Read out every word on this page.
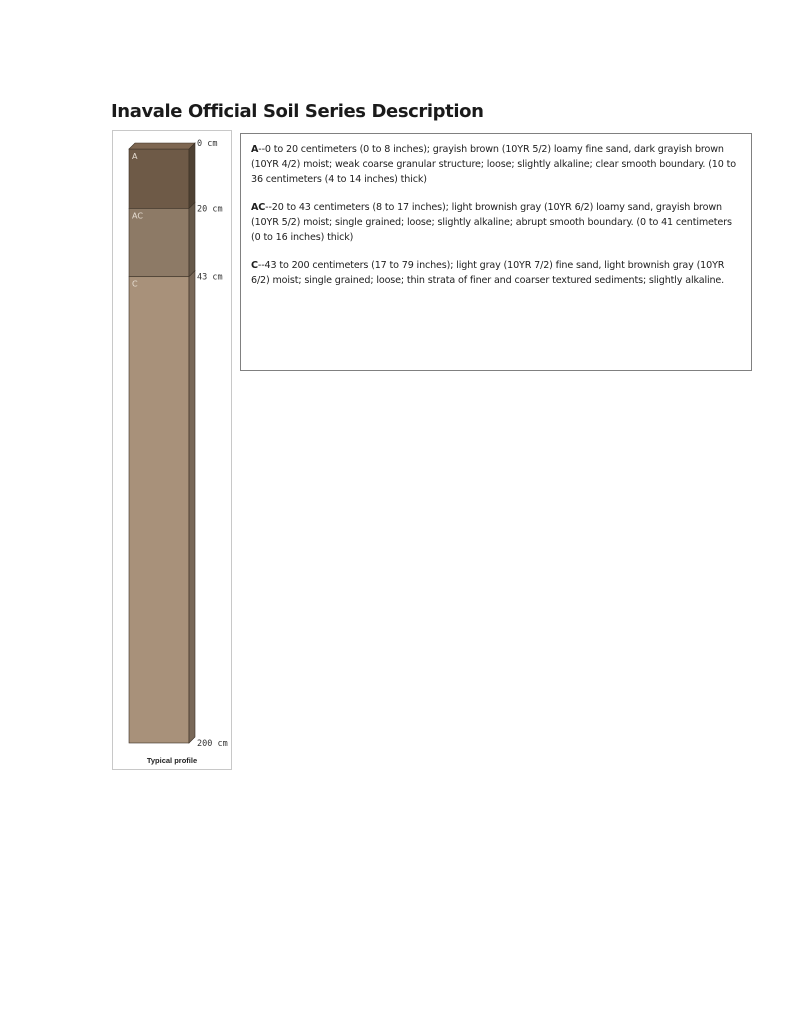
Inavale Official Soil Series Description
A
AC
C
0 cm
20 cm
43 cm
200 cm
Typical profile

A--0 to 20 centimeters (0 to 8 inches); grayish brown (10YR 5/2) loamy fine sand, dark grayish brown (10YR 4/2) moist; weak coarse granular structure; loose; slightly alkaline; clear smooth boundary. (10 to 36 centimeters (4 to 14 inches) thick)

AC--20 to 43 centimeters (8 to 17 inches); light brownish gray (10YR 6/2) loamy sand, grayish brown (10YR 5/2) moist; single grained; loose; slightly alkaline; abrupt smooth boundary. (0 to 41 centimeters (0 to 16 inches) thick)

C--43 to 200 centimeters (17 to 79 inches); light gray (10YR 7/2) fine sand, light brownish gray (10YR 6/2) moist; single grained; loose; thin strata of finer and coarser textured sediments; slightly alkaline.
